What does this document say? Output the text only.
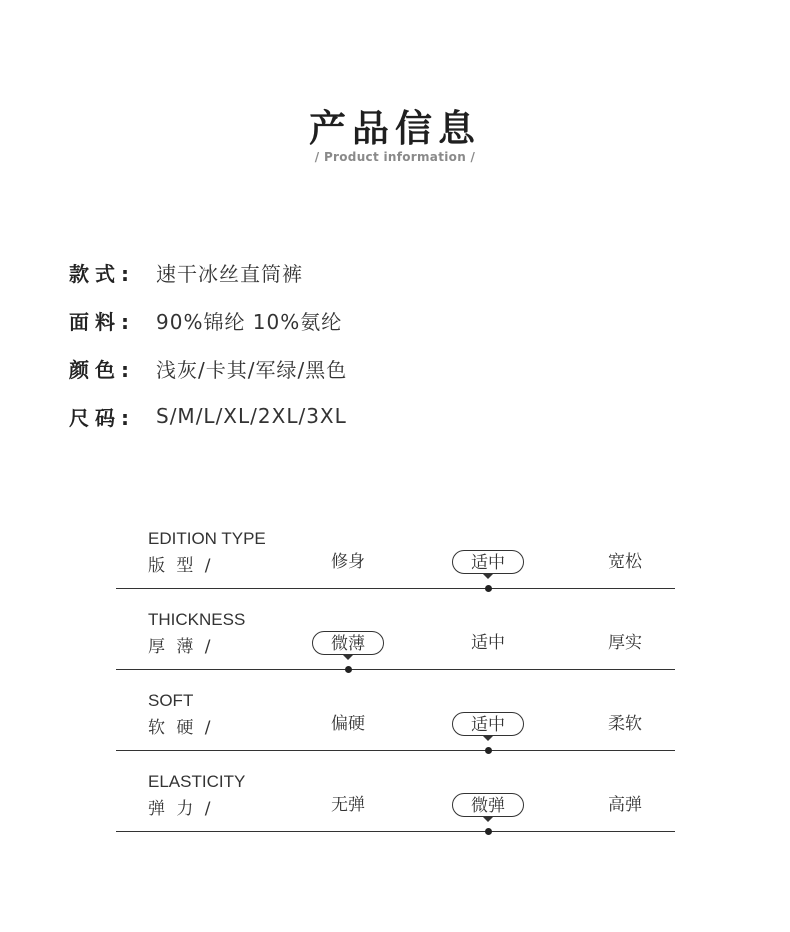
产品信息
/ Product information /
款式:	速干冰丝直筒裤
面料:	90%锦纶 10%氨纶
颜色:	浅灰/卡其/军绿/黑色
尺码:	S/M/L/XL/2XL/3XL
EDITION TYPE
版 型 /	修身	适中	宽松
THICKNESS
厚 薄 /	微薄	适中	厚实
SOFT
软 硬 /	偏硬	适中	柔软
ELASTICITY
弹 力 /	无弹	微弹	高弹
